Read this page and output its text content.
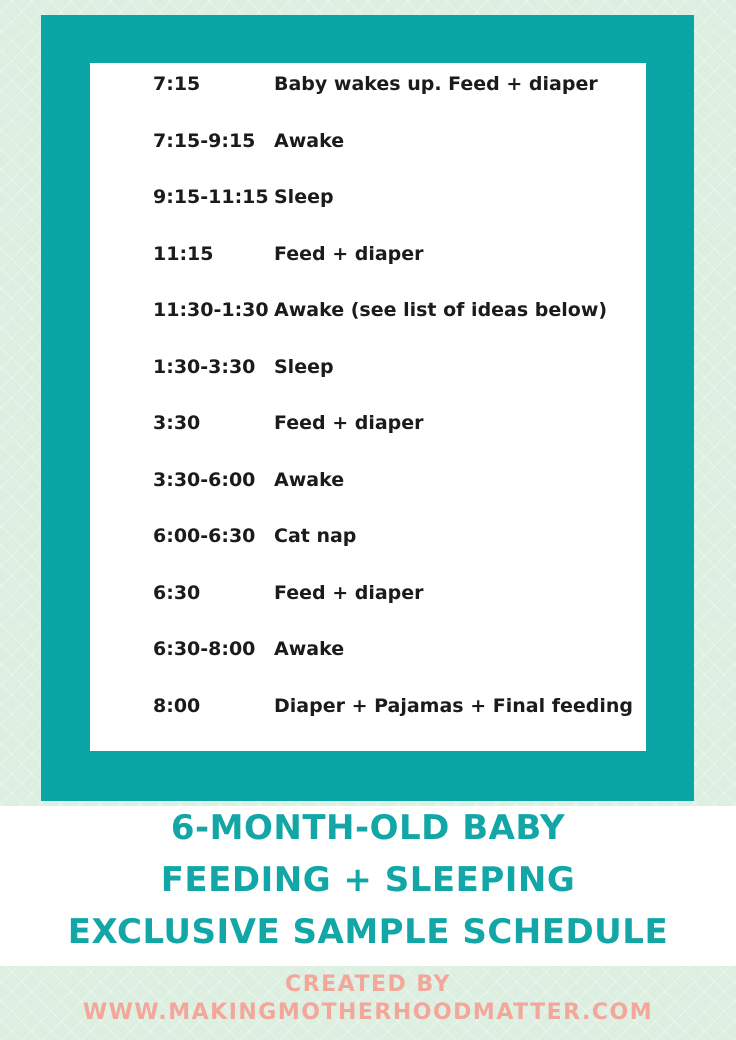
7:15	Baby wakes up. Feed + diaper
7:15-9:15 Awake
9:15-11:15 Sleep
11:15	Feed + diaper
11:30-1:30 Awake (see list of ideas below)
1:30-3:30 Sleep
3:30	Feed + diaper
3:30-6:00 Awake
6:00-6:30 Cat nap
6:30	Feed + diaper
6:30-8:00 Awake
8:00	Diaper + Pajamas + Final feeding
6-MONTH-OLD BABY
FEEDING + SLEEPING
EXCLUSIVE SAMPLE SCHEDULE
CREATED BY
WWW.MAKINGMOTHERHOODMATTER.COM
